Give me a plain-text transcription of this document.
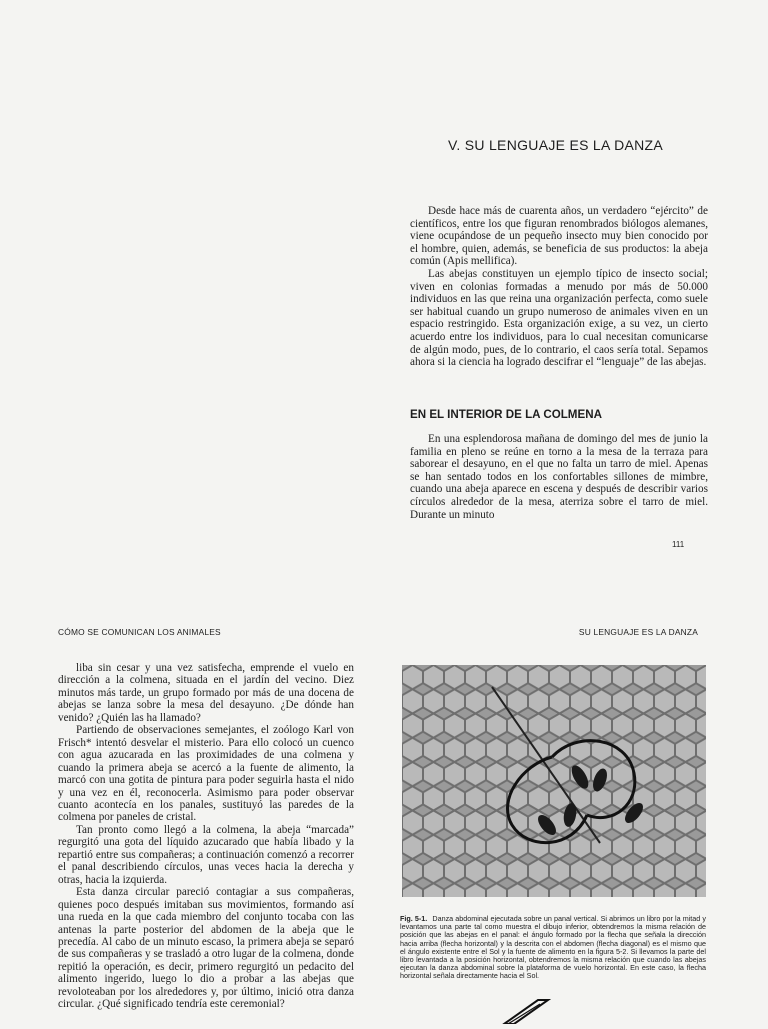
V. SU LENGUAJE ES LA DANZA

Desde hace más de cuarenta años, un verdadero “ejército” de científicos, entre los que figuran renombrados biólogos alemanes, viene ocupándose de un pequeño insecto muy bien conocido por el hombre, quien, además, se beneficia de sus productos: la abeja común (Apis mellifica).

Las abejas constituyen un ejemplo típico de insecto social; viven en colonias formadas a menudo por más de 50.000 individuos en las que reina una organización perfecta, como suele ser habitual cuando un grupo numeroso de animales viven en un espacio restringido. Esta organización exige, a su vez, un cierto acuerdo entre los individuos, para lo cual necesitan comunicarse de algún modo, pues, de lo contrario, el caos sería total. Sepamos ahora si la ciencia ha logrado descifrar el “lenguaje” de las abejas.

EN EL INTERIOR DE LA COLMENA

En una esplendorosa mañana de domingo del mes de junio la familia en pleno se reúne en torno a la mesa de la terraza para saborear el desayuno, en el que no falta un tarro de miel. Apenas se han sentado todos en los confortables sillones de mimbre, cuando una abeja aparece en escena y después de describir varios círculos alrededor de la mesa, aterriza sobre el tarro de miel. Durante un minuto

111
CÓMO SE COMUNICAN LOS ANIMALES	SU LENGUAJE ES LA DANZA

liba sin cesar y una vez satisfecha, emprende el vuelo en dirección a la colmena, situada en el jardín del vecino. Diez minutos más tarde, un grupo formado por más de una docena de abejas se lanza sobre la mesa del desayuno. ¿De dónde han venido? ¿Quién las ha llamado?

Partiendo de observaciones semejantes, el zoólogo Karl von Frisch* intentó desvelar el misterio. Para ello colocó un cuenco con agua azucarada en las proximidades de una colmena y cuando la primera abeja se acercó a la fuente de alimento, la marcó con una gotita de pintura para poder seguirla hasta el nido y una vez en él, reconocerla. Asimismo para poder observar cuanto acontecía en los panales, sustituyó las paredes de la colmena por paneles de cristal.

Tan pronto como llegó a la colmena, la abeja “marcada” regurgitó una gota del líquido azucarado que había libado y la repartió entre sus compañeras; a continuación comenzó a recorrer el panal describiendo círculos, unas veces hacia la derecha y otras, hacia la izquierda.

Esta danza circular pareció contagiar a sus compañeras, quienes poco después imitaban sus movimientos, formando así una rueda en la que cada miembro del conjunto tocaba con las antenas la parte posterior del abdomen de la abeja que le precedía. Al cabo de un minuto escaso, la primera abeja se separó de sus compañeras y se trasladó a otro lugar de la colmena, donde repitió la operación, es decir, primero regurgitó un pedacito del alimento ingerido, luego lo dio a probar a las abejas que revoloteaban por los alrededores y, por último, inició otra danza circular. ¿Qué significado tendría este ceremonial?

Fig. 5-1. Danza abdominal ejecutada sobre un panal vertical. Si abrimos un libro por la mitad y levantamos una parte tal como muestra el dibujo inferior, obtendremos la misma relación de posición que las abejas en el panal: el ángulo formado por la flecha que señala la dirección hacia arriba (flecha horizontal) y la descrita con el abdomen (flecha diagonal) es el mismo que el ángulo existente entre el Sol y la fuente de alimento en la figura 5-2. Si llevamos la parte del libro levantada a la posición horizontal, obtendremos la misma relación que cuando las abejas ejecutan la danza abdominal sobre la plataforma de vuelo horizontal. En este caso, la flecha horizontal señala directamente hacia el Sol.
